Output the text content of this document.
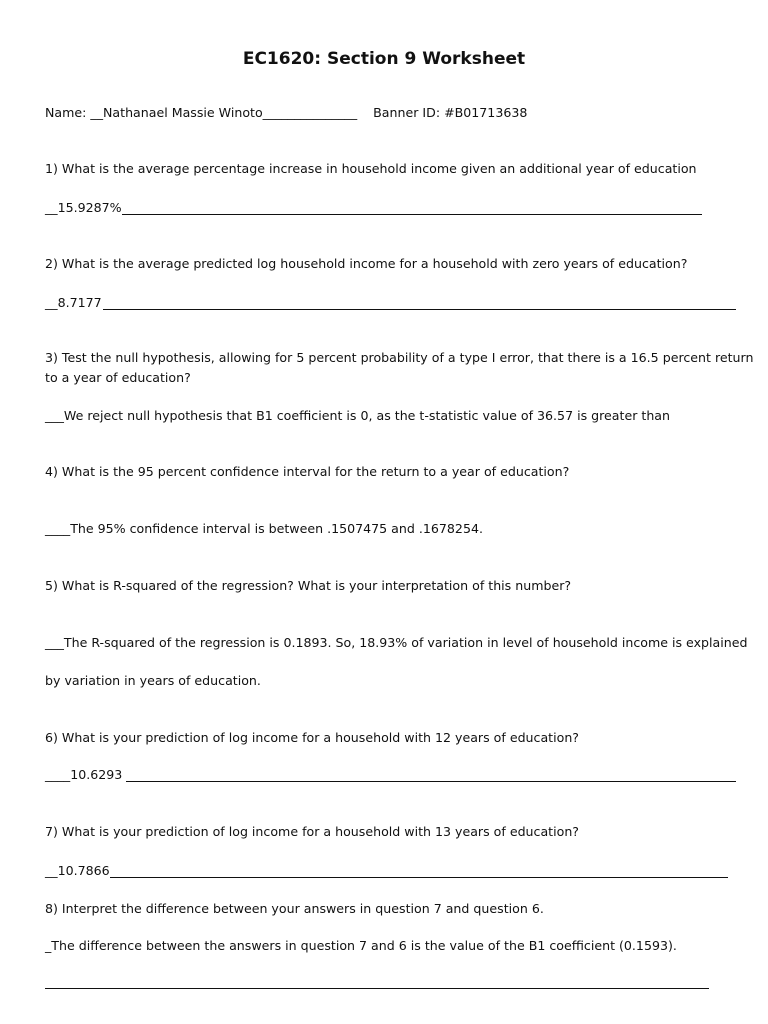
EC1620: Section 9 Worksheet
Name: __Nathanael Massie Winoto_______________ Banner ID: #B01713638
1) What is the average percentage increase in household income given an additional year of education
__15.9287%
2) What is the average predicted log household income for a household with zero years of education?
__8.7177
3) Test the null hypothesis, allowing for 5 percent probability of a type I error, that there is a 16.5 percent return
to a year of education?
___We reject null hypothesis that B1 coefficient is 0, as the t-statistic value of 36.57 is greater than
4) What is the 95 percent confidence interval for the return to a year of education?
____The 95% confidence interval is between .1507475 and .1678254.
5) What is R-squared of the regression? What is your interpretation of this number?
___The R-squared of the regression is 0.1893. So, 18.93% of variation in level of household income is explained
by variation in years of education.
6) What is your prediction of log income for a household with 12 years of education?
____10.6293
7) What is your prediction of log income for a household with 13 years of education?
__10.7866
8) Interpret the difference between your answers in question 7 and question 6.
_The difference between the answers in question 7 and 6 is the value of the B1 coefficient (0.1593).
